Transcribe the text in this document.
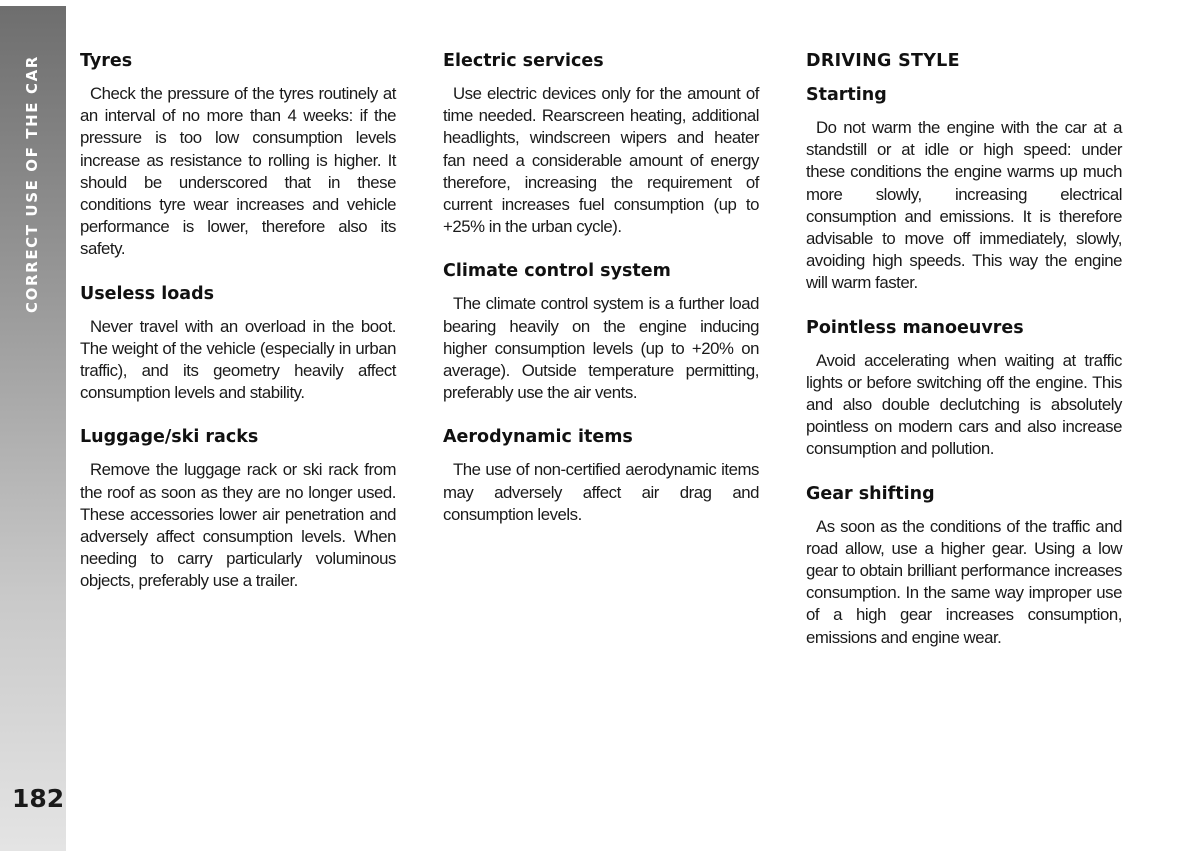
CORRECT USE OF THE CAR
182
Tyres

Check the pressure of the tyres routinely at an interval of no more than 4 weeks: if the pressure is too low consumption levels increase as resistance to rolling is higher. It should be underscored that in these conditions tyre wear increases and vehicle performance is lower, therefore also its safety.

Useless loads

Never travel with an overload in the boot. The weight of the vehicle (especially in urban traffic), and its geometry heavily affect consumption levels and stability.

Luggage/ski racks

Remove the luggage rack or ski rack from the roof as soon as they are no longer used. These accessories lower air penetration and adversely affect consumption levels. When needing to carry particularly voluminous objects, preferably use a trailer.

Electric services

Use electric devices only for the amount of time needed. Rearscreen heating, additional headlights, windscreen wipers and heater fan need a considerable amount of energy therefore, increasing the requirement of current increases fuel consumption (up to +25% in the urban cycle).

Climate control system

The climate control system is a further load bearing heavily on the engine inducing higher consumption levels (up to +20% on average). Outside temperature permitting, preferably use the air vents.

Aerodynamic items

The use of non-certified aerodynamic items may adversely affect air drag and consumption levels.

DRIVING STYLE
Starting

Do not warm the engine with the car at a standstill or at idle or high speed: under these conditions the engine warms up much more slowly, increasing electrical consumption and emissions. It is therefore advisable to move off immediately, slowly, avoiding high speeds. This way the engine will warm faster.

Pointless manoeuvres

Avoid accelerating when waiting at traffic lights or before switching off the engine. This and also double declutching is absolutely pointless on modern cars and also increase consumption and pollution.

Gear shifting

As soon as the conditions of the traffic and road allow, use a higher gear. Using a low gear to obtain brilliant performance increases consumption. In the same way improper use of a high gear increases consumption, emissions and engine wear.
